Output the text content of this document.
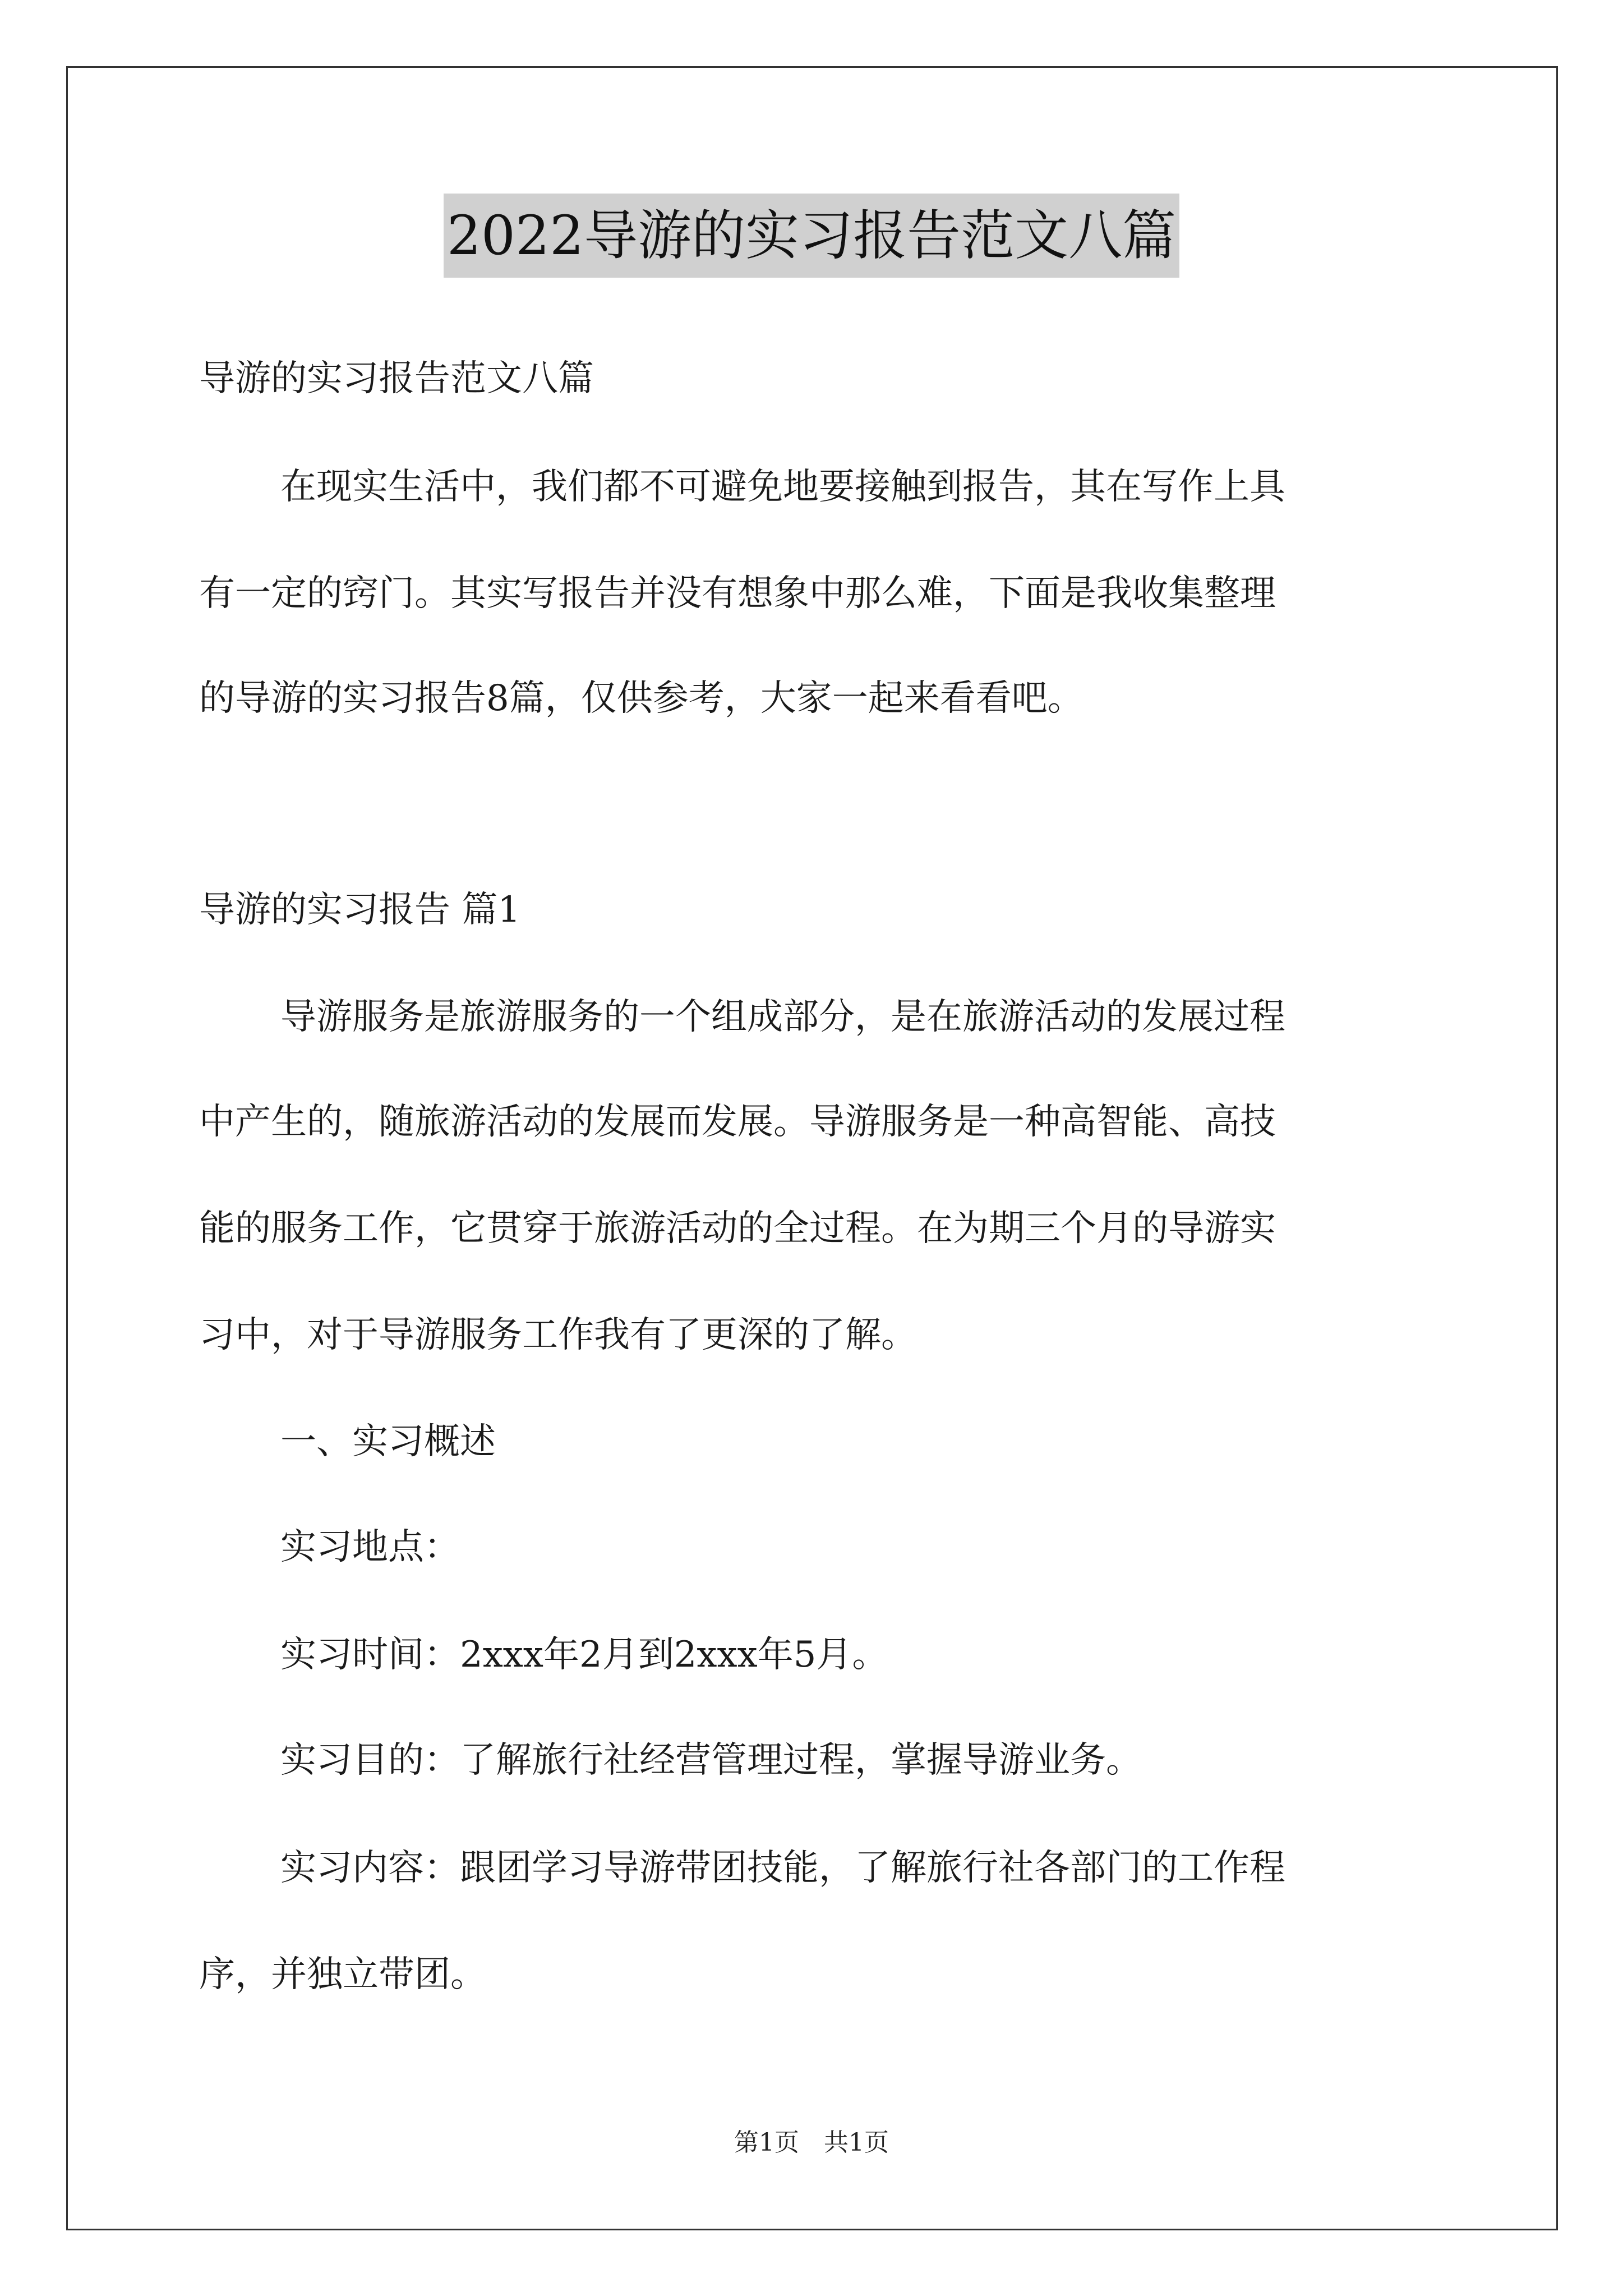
2022导游的实习报告范文八篇
导游的实习报告范文八篇
在现实生活中，我们都不可避免地要接触到报告，其在写作上具
有一定的窍门。其实写报告并没有想象中那么难，下面是我收集整理
的导游的实习报告8篇，仅供参考，大家一起来看看吧。
导游的实习报告 篇1
导游服务是旅游服务的一个组成部分，是在旅游活动的发展过程
中产生的，随旅游活动的发展而发展。导游服务是一种高智能、高技
能的服务工作，它贯穿于旅游活动的全过程。在为期三个月的导游实
习中，对于导游服务工作我有了更深的了解。
一、实习概述
实习地点：
实习时间：2xxx年2月到2xxx年5月。
实习目的：了解旅行社经营管理过程，掌握导游业务。
实习内容：跟团学习导游带团技能，了解旅行社各部门的工作程
序，并独立带团。
第1页　共1页
